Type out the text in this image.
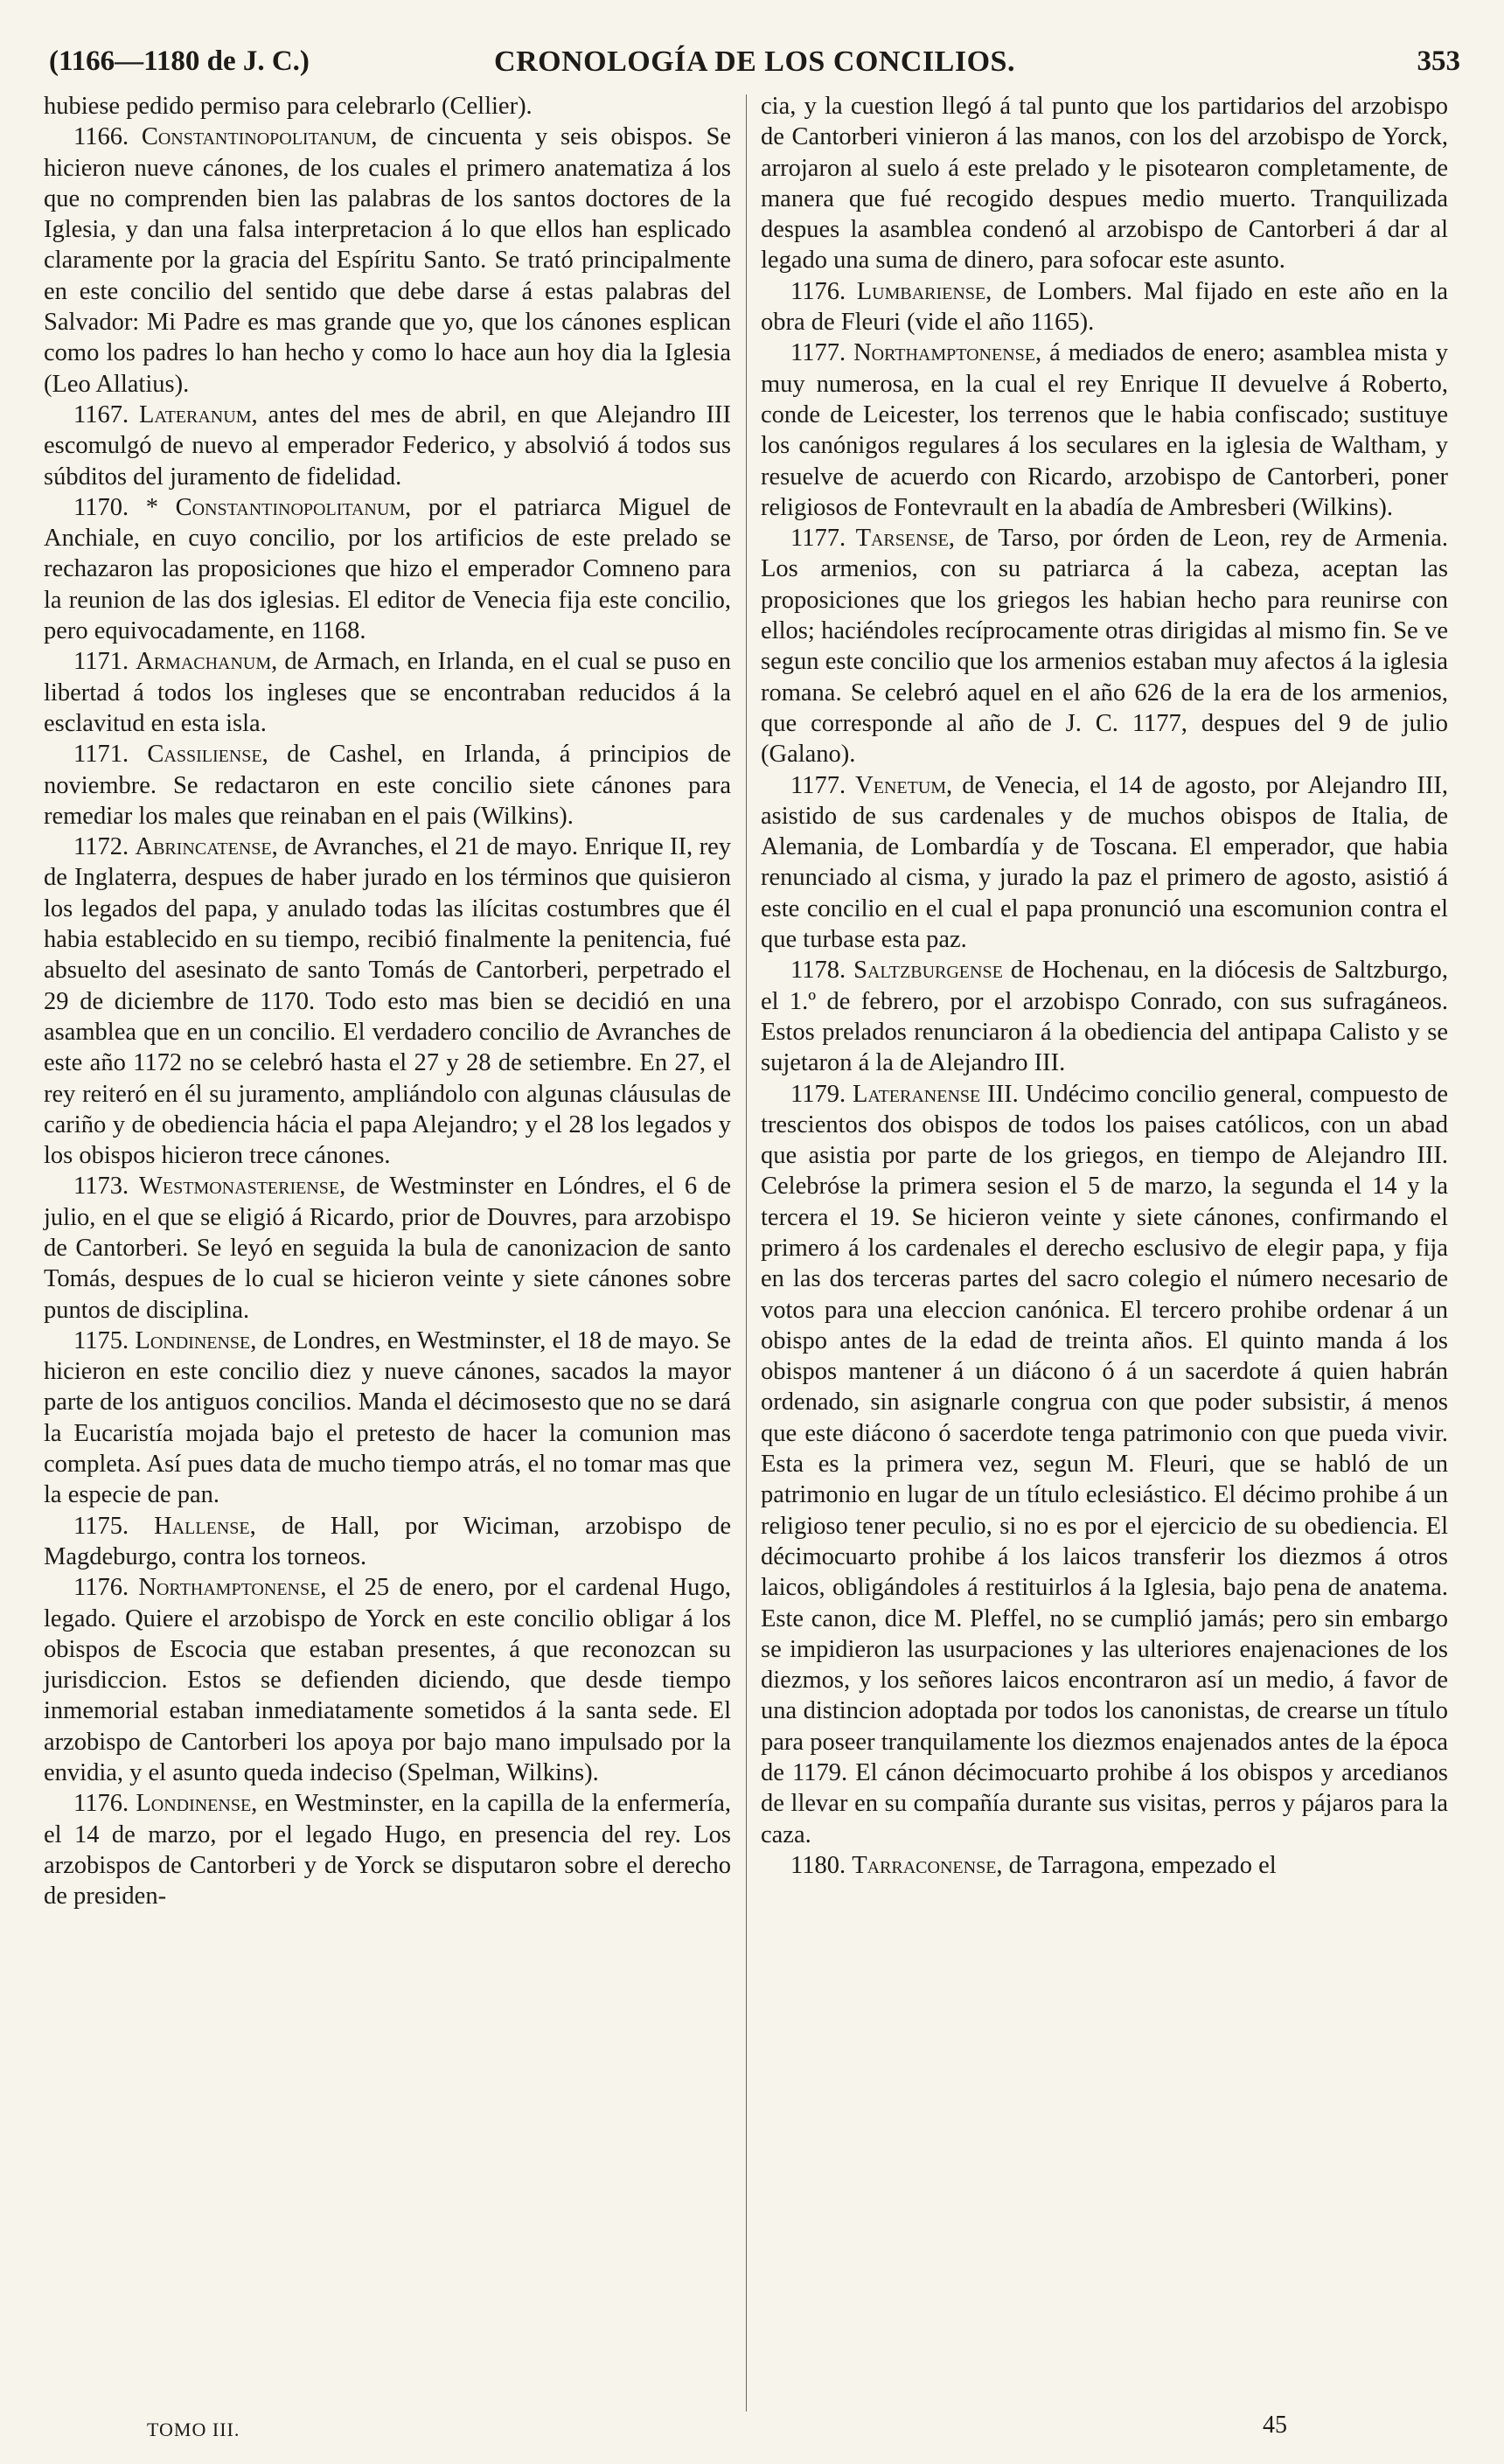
(1166—1180 de J. C.)	CRONOLOGÍA DE LOS CONCILIOS.	353

hubiese pedido permiso para celebrarlo (Cellier).

1166. Constantinopolitanum, de cincuenta y seis obispos. Se hicieron nueve cánones, de los cuales el primero anatematiza á los que no comprenden bien las palabras de los santos doctores de la Iglesia, y dan una falsa interpretacion á lo que ellos han esplicado claramente por la gracia del Espíritu Santo. Se trató principalmente en este concilio del sentido que debe darse á estas palabras del Salvador: Mi Padre es mas grande que yo, que los cánones esplican como los padres lo han hecho y como lo hace aun hoy dia la Iglesia (Leo Allatius).

1167. Lateranum, antes del mes de abril, en que Alejandro III escomulgó de nuevo al emperador Federico, y absolvió á todos sus súbditos del juramento de fidelidad.

1170. * Constantinopolitanum, por el patriarca Miguel de Anchiale, en cuyo concilio, por los artificios de este prelado se rechazaron las proposiciones que hizo el emperador Comneno para la reunion de las dos iglesias. El editor de Venecia fija este concilio, pero equivocadamente, en 1168.

1171. Armachanum, de Armach, en Irlanda, en el cual se puso en libertad á todos los ingleses que se encontraban reducidos á la esclavitud en esta isla.

1171. Cassiliense, de Cashel, en Irlanda, á principios de noviembre. Se redactaron en este concilio siete cánones para remediar los males que reinaban en el pais (Wilkins).

1172. Abrincatense, de Avranches, el 21 de mayo. Enrique II, rey de Inglaterra, despues de haber jurado en los términos que quisieron los legados del papa, y anulado todas las ilícitas costumbres que él habia establecido en su tiempo, recibió finalmente la penitencia, fué absuelto del asesinato de santo Tomás de Cantorberi, perpetrado el 29 de diciembre de 1170. Todo esto mas bien se decidió en una asamblea que en un concilio. El verdadero concilio de Avranches de este año 1172 no se celebró hasta el 27 y 28 de setiembre. En 27, el rey reiteró en él su juramento, ampliándolo con algunas cláusulas de cariño y de obediencia hácia el papa Alejandro; y el 28 los legados y los obispos hicieron trece cánones.

1173. Westmonasteriense, de Westminster en Lóndres, el 6 de julio, en el que se eligió á Ricardo, prior de Douvres, para arzobispo de Cantorberi. Se leyó en seguida la bula de canonizacion de santo Tomás, despues de lo cual se hicieron veinte y siete cánones sobre puntos de disciplina.

1175. Londinense, de Londres, en Westminster, el 18 de mayo. Se hicieron en este concilio diez y nueve cánones, sacados la mayor parte de los antiguos concilios. Manda el décimosesto que no se dará la Eucaristía mojada bajo el pretesto de hacer la comunion mas completa. Así pues data de mucho tiempo atrás, el no tomar mas que la especie de pan.

1175. Hallense, de Hall, por Wiciman, arzobispo de Magdeburgo, contra los torneos.

1176. Northamptonense, el 25 de enero, por el cardenal Hugo, legado. Quiere el arzobispo de Yorck en este concilio obligar á los obispos de Escocia que estaban presentes, á que reconozcan su jurisdiccion. Estos se defienden diciendo, que desde tiempo inmemorial estaban inmediatamente sometidos á la santa sede. El arzobispo de Cantorberi los apoya por bajo mano impulsado por la envidia, y el asunto queda indeciso (Spelman, Wilkins).

1176. Londinense, en Westminster, en la capilla de la enfermería, el 14 de marzo, por el legado Hugo, en presencia del rey. Los arzobispos de Cantorberi y de Yorck se disputaron sobre el derecho de presiden-

cia, y la cuestion llegó á tal punto que los partidarios del arzobispo de Cantorberi vinieron á las manos, con los del arzobispo de Yorck, arrojaron al suelo á este prelado y le pisotearon completamente, de manera que fué recogido despues medio muerto. Tranquilizada despues la asamblea condenó al arzobispo de Cantorberi á dar al legado una suma de dinero, para sofocar este asunto.

1176. Lumbariense, de Lombers. Mal fijado en este año en la obra de Fleuri (vide el año 1165).

1177. Northamptonense, á mediados de enero; asamblea mista y muy numerosa, en la cual el rey Enrique II devuelve á Roberto, conde de Leicester, los terrenos que le habia confiscado; sustituye los canónigos regulares á los seculares en la iglesia de Waltham, y resuelve de acuerdo con Ricardo, arzobispo de Cantorberi, poner religiosos de Fontevrault en la abadía de Ambresberi (Wilkins).

1177. Tarsense, de Tarso, por órden de Leon, rey de Armenia. Los armenios, con su patriarca á la cabeza, aceptan las proposiciones que los griegos les habian hecho para reunirse con ellos; haciéndoles recíprocamente otras dirigidas al mismo fin. Se ve segun este concilio que los armenios estaban muy afectos á la iglesia romana. Se celebró aquel en el año 626 de la era de los armenios, que corresponde al año de J. C. 1177, despues del 9 de julio (Galano).

1177. Venetum, de Venecia, el 14 de agosto, por Alejandro III, asistido de sus cardenales y de muchos obispos de Italia, de Alemania, de Lombardía y de Toscana. El emperador, que habia renunciado al cisma, y jurado la paz el primero de agosto, asistió á este concilio en el cual el papa pronunció una escomunion contra el que turbase esta paz.

1178. Saltzburgense de Hochenau, en la diócesis de Saltzburgo, el 1.º de febrero, por el arzobispo Conrado, con sus sufragáneos. Estos prelados renunciaron á la obediencia del antipapa Calisto y se sujetaron á la de Alejandro III.

1179. Lateranense III. Undécimo concilio general, compuesto de trescientos dos obispos de todos los paises católicos, con un abad que asistia por parte de los griegos, en tiempo de Alejandro III. Celebróse la primera sesion el 5 de marzo, la segunda el 14 y la tercera el 19. Se hicieron veinte y siete cánones, confirmando el primero á los cardenales el derecho esclusivo de elegir papa, y fija en las dos terceras partes del sacro colegio el número necesario de votos para una eleccion canónica. El tercero prohibe ordenar á un obispo antes de la edad de treinta años. El quinto manda á los obispos mantener á un diácono ó á un sacerdote á quien habrán ordenado, sin asignarle congrua con que poder subsistir, á menos que este diácono ó sacerdote tenga patrimonio con que pueda vivir. Esta es la primera vez, segun M. Fleuri, que se habló de un patrimonio en lugar de un título eclesiástico. El décimo prohibe á un religioso tener peculio, si no es por el ejercicio de su obediencia. El décimocuarto prohibe á los laicos transferir los diezmos á otros laicos, obligándoles á restituirlos á la Iglesia, bajo pena de anatema. Este canon, dice M. Pleffel, no se cumplió jamás; pero sin embargo se impidieron las usurpaciones y las ulteriores enajenaciones de los diezmos, y los señores laicos encontraron así un medio, á favor de una distincion adoptada por todos los canonistas, de crearse un título para poseer tranquilamente los diezmos enajenados antes de la época de 1179. El cánon décimocuarto prohibe á los obispos y arcedianos de llevar en su compañía durante sus visitas, perros y pájaros para la caza.

1180. Tarraconense, de Tarragona, empezado el

TOMO III.	45
